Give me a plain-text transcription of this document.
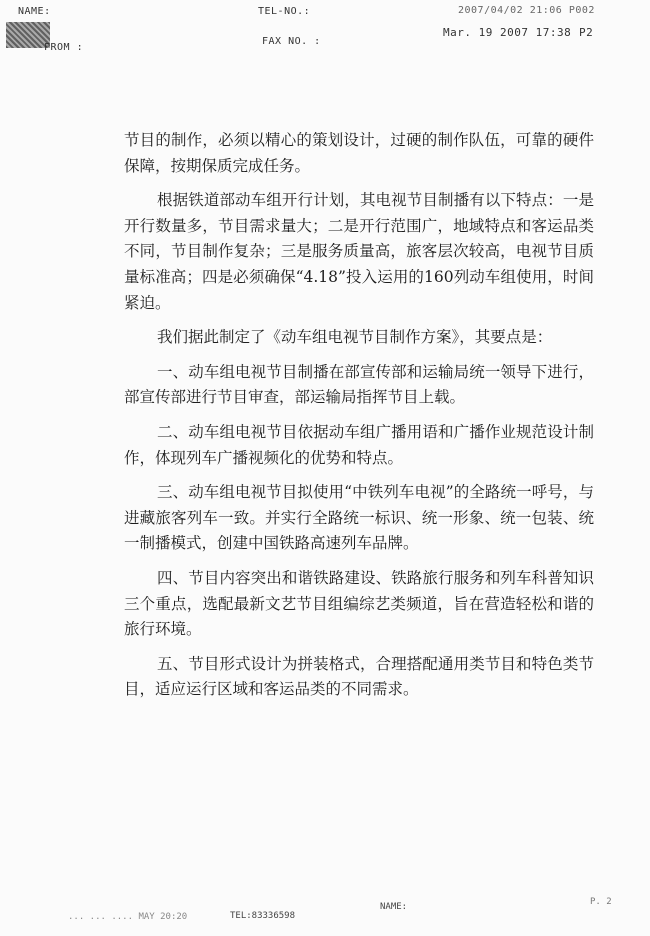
NAME:	TEL-NO.:	2007/04/02 21:06 P002
Mar. 19 2007 17:38 P2
FROM :
FAX NO. :

节目的制作，必须以精心的策划设计，过硬的制作队伍，可靠的硬件保障，按期保质完成任务。

根据铁道部动车组开行计划，其电视节目制播有以下特点：一是开行数量多，节目需求量大；二是开行范围广，地域特点和客运品类不同，节目制作复杂；三是服务质量高，旅客层次较高，电视节目质量标准高；四是必须确保“4.18”投入运用的160列动车组使用，时间紧迫。

我们据此制定了《动车组电视节目制作方案》，其要点是：

一、动车组电视节目制播在部宣传部和运输局统一领导下进行，部宣传部进行节目审查，部运输局指挥节目上载。

二、动车组电视节目依据动车组广播用语和广播作业规范设计制作，体现列车广播视频化的优势和特点。

三、动车组电视节目拟使用“中铁列车电视”的全路统一呼号，与进藏旅客列车一致。并实行全路统一标识、统一形象、统一包装、统一制播模式，创建中国铁路高速列车品牌。

四、节目内容突出和谐铁路建设、铁路旅行服务和列车科普知识三个重点，选配最新文艺节目组编综艺类频道，旨在营造轻松和谐的旅行环境。

五、节目形式设计为拼装格式，合理搭配通用类节目和特色类节目，适应运行区域和客运品类的不同需求。

... ... .... MAY 20:20	TEL:83336598
NAME:	P. 2
